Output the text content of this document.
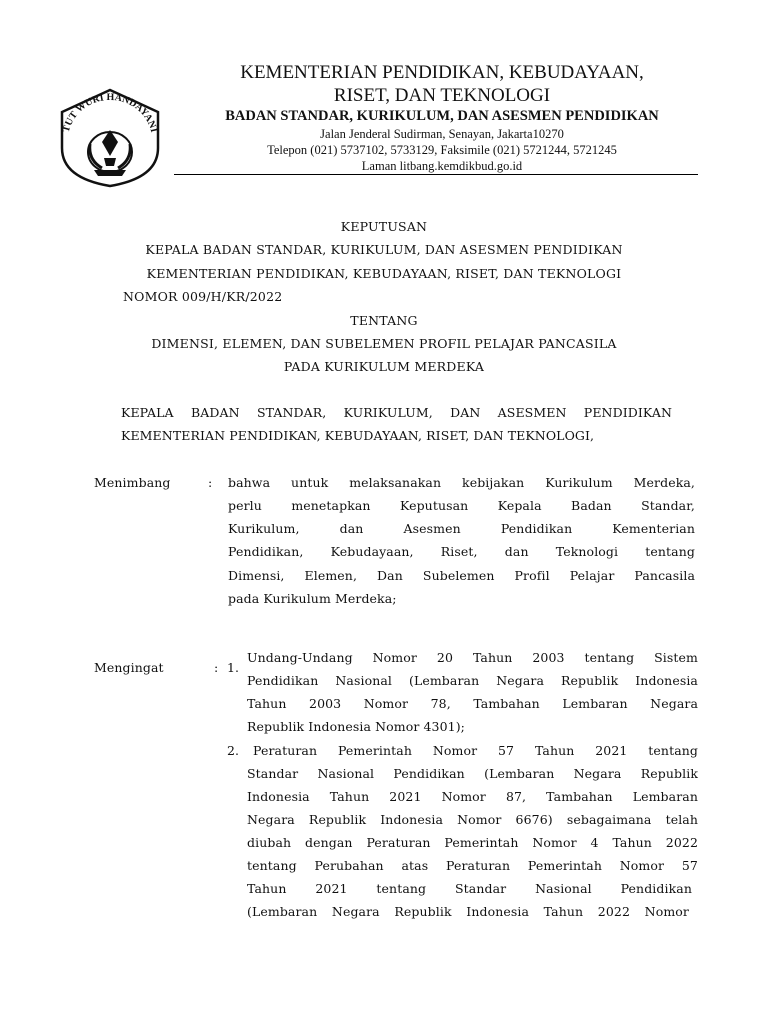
TUT WURI HANDAYANI
KEMENTERIAN PENDIDIKAN, KEBUDAYAAN,
RISET, DAN TEKNOLOGI
BADAN STANDAR, KURIKULUM, DAN ASESMEN PENDIDIKAN
Jalan Jenderal Sudirman, Senayan, Jakarta10270
Telepon (021) 5737102, 5733129, Faksimile (021) 5721244, 5721245
Laman litbang.kemdikbud.go.id
KEPUTUSAN
KEPALA BADAN STANDAR, KURIKULUM, DAN ASESMEN PENDIDIKAN
KEMENTERIAN PENDIDIKAN, KEBUDAYAAN, RISET, DAN TEKNOLOGI
NOMOR 009/H/KR/2022
TENTANG
DIMENSI, ELEMEN, DAN SUBELEMEN PROFIL PELAJAR PANCASILA
PADA KURIKULUM MERDEKA
KEPALA BADAN STANDAR, KURIKULUM, DAN ASESMEN PENDIDIKAN
KEMENTERIAN PENDIDIKAN, KEBUDAYAAN, RISET, DAN TEKNOLOGI,
Menimbang	: bahwa untuk melaksanakan kebijakan Kurikulum Merdeka,
perlu menetapkan Keputusan Kepala Badan Standar,
Kurikulum, dan Asesmen Pendidikan Kementerian
Pendidikan, Kebudayaan, Riset, dan Teknologi tentang
Dimensi, Elemen, Dan Subelemen Profil Pelajar Pancasila
pada Kurikulum Merdeka;
Mengingat	: 1.
Undang-Undang Nomor 20 Tahun 2003 tentang Sistem
Pendidikan Nasional (Lembaran Negara Republik Indonesia
Tahun 2003 Nomor 78, Tambahan Lembaran Negara
Republik Indonesia Nomor 4301);
2. Peraturan Pemerintah Nomor 57 Tahun 2021 tentang
Standar Nasional Pendidikan (Lembaran Negara Republik
Indonesia Tahun 2021 Nomor 87, Tambahan Lembaran
Negara Republik Indonesia Nomor 6676) sebagaimana telah
diubah dengan Peraturan Pemerintah Nomor 4 Tahun 2022
tentang Perubahan atas Peraturan Pemerintah Nomor 57
Tahun 2021 tentang Standar Nasional Pendidikan
(Lembaran Negara Republik Indonesia Tahun 2022 Nomor
